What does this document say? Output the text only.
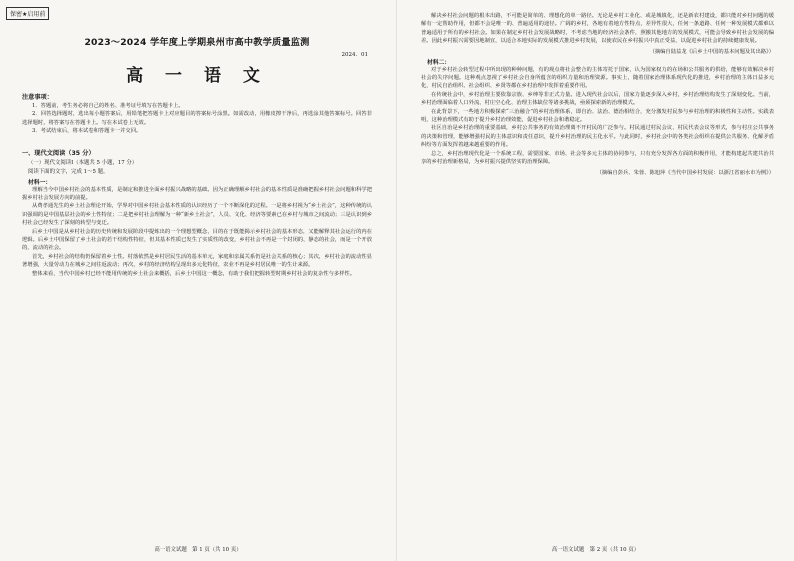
保密★启用前
2023～2024 学年度上学期泉州市高中教学质量监测
2024．01
高 一 语 文
注意事项：

1．答题前，考生务必将自己的姓名、准考证号填写在答题卡上。

2．回答选择题时，选出每小题答案后，用铅笔把答题卡上对应题目的答案标号涂黑。如需改动，用橡皮擦干净后，再选涂其他答案标号。回答非选择题时，将答案写在答题卡上。写在本试卷上无效。

3．考试结束后，将本试卷和答题卡一并交回。

一、现代文阅读（35 分）
（一）现代文阅读Ⅰ（本题共 5 小题，17 分）
阅读下面的文字，完成 1～5 题。
材料一：

理解当今中国乡村社会的基本性质，是制定和推进全面乡村振兴战略的基础。因为正确理解乡村社会的基本性质是准确把握乡村社会问题和科学把握乡村社会发展方向的前提。

从费孝通先生的乡土社会理论开始，学界对中国乡村社会基本性质的认识经历了一个不断深化的过程。一是将乡村视为“乡土社会”，这种传统的认识强调的是中国基层社会的乡土性特征；二是把乡村社会理解为一种“新乡土社会”，人员、文化、经济等要素已在乡村与城市之间流动；三是认识到乡村社会已经发生了深刻的转型与变迁。

后乡土中国是从乡村社会的历史传统和发展阶段中提炼出的一个理想型概念，目的在于既能揭示乡村社会的基本形态，又能解释其社会运行的内在逻辑。后乡土中国保留了乡土社会的若干结构性特征，但其基本性质已发生了实质性的改变，乡村社会不再是一个封闭的、静态的社会，而是一个开放的、流动的社会。

首先，乡村社会的结构仍保留着乡土性。村落依然是乡村居民生活的基本单元，家庭和亲属关系仍是社会关系的核心；其次，乡村社会的流动性显著增强，大量劳动力在城乡之间往返流动；再次，乡村的经济结构呈现出多元化特征，农业不再是乡村居民唯一的生计来源。

整体来看，当代中国乡村已经不能用传统的乡土社会来概括，后乡土中国这一概念，有助于我们把握转型时期乡村社会的复杂性与多样性。

高一语文试题　第 1 页（共 10 页）

解决乡村社会问题的根本出路，不可能是简单的、理想化的单一路径。无论是乡村工业化、或是城镇化，还是新农村建设，都只能对乡村问题的缓解有一定帮助作用，但都不会是唯一的、普遍适用的途径。广阔的乡村，各地有着地方性特点，差异性很大，任何一条道路、任何一种发展模式都难以普遍适用于所有的乡村社会。如果在制定乡村社会发展战略时，不考虑当地的经济社会条件，照搬其他地方的发展模式，可能会导致乡村社会发展的偏差。因此乡村振兴需要因地制宜，以适合本地实际的发展模式推进乡村发展，以使农民在乡村振兴中真正受益，以促进乡村社会的持续健康发展。

（摘编自陆益龙《后乡土中国的基本问题及其出路》）
材料二：

对于乡村社会转型过程中所出现的种种问题，有的观点将社会整合的主体寄托于国家，认为国家权力的在场和公共服务的供给，能够有效解决乡村社会的失序问题。这种观点忽视了乡村社会自身所蕴含的组织力量和治理资源。事实上，随着国家治理体系现代化的推进，乡村治理的主体日益多元化，村民自治组织、社会组织、乡贤等都在乡村治理中发挥着重要作用。

在传统社会中，乡村治理主要依靠宗族、乡绅等非正式力量。进入现代社会以后，国家力量逐步深入乡村，乡村治理结构发生了深刻变化。当前，乡村治理面临着人口外流、村庄空心化、治理主体缺位等诸多挑战，亟须探索新的治理模式。

在此背景下，一些地方积极探索“三治融合”的乡村治理体系，即自治、法治、德治相结合，充分激发村民参与乡村治理的积极性和主动性。实践表明，这种治理模式有助于提升乡村治理效能，促进乡村社会和谐稳定。

社区自治是乡村治理的重要基础，乡村公共事务的有效治理离不开村民的广泛参与。村民通过村民会议、村民代表会议等形式，参与村庄公共事务的决策和管理，能够增强村民的主体意识和责任意识，提升乡村治理的民主化水平。与此同时，乡村社会中的各类社会组织在提供公共服务、化解矛盾纠纷等方面发挥着越来越重要的作用。

总之，乡村治理现代化是一个系统工程，需要国家、市场、社会等多元主体的协同参与，只有充分发挥各方面的积极作用，才能构建起共建共治共享的乡村治理新格局，为乡村振兴提供坚实的治理保障。

（摘编自彭兵、朱蓉、陈旭萍《当代中国乡村发展：以浙江省丽水市为例》）
高一语文试题　第 2 页（共 10 页）
